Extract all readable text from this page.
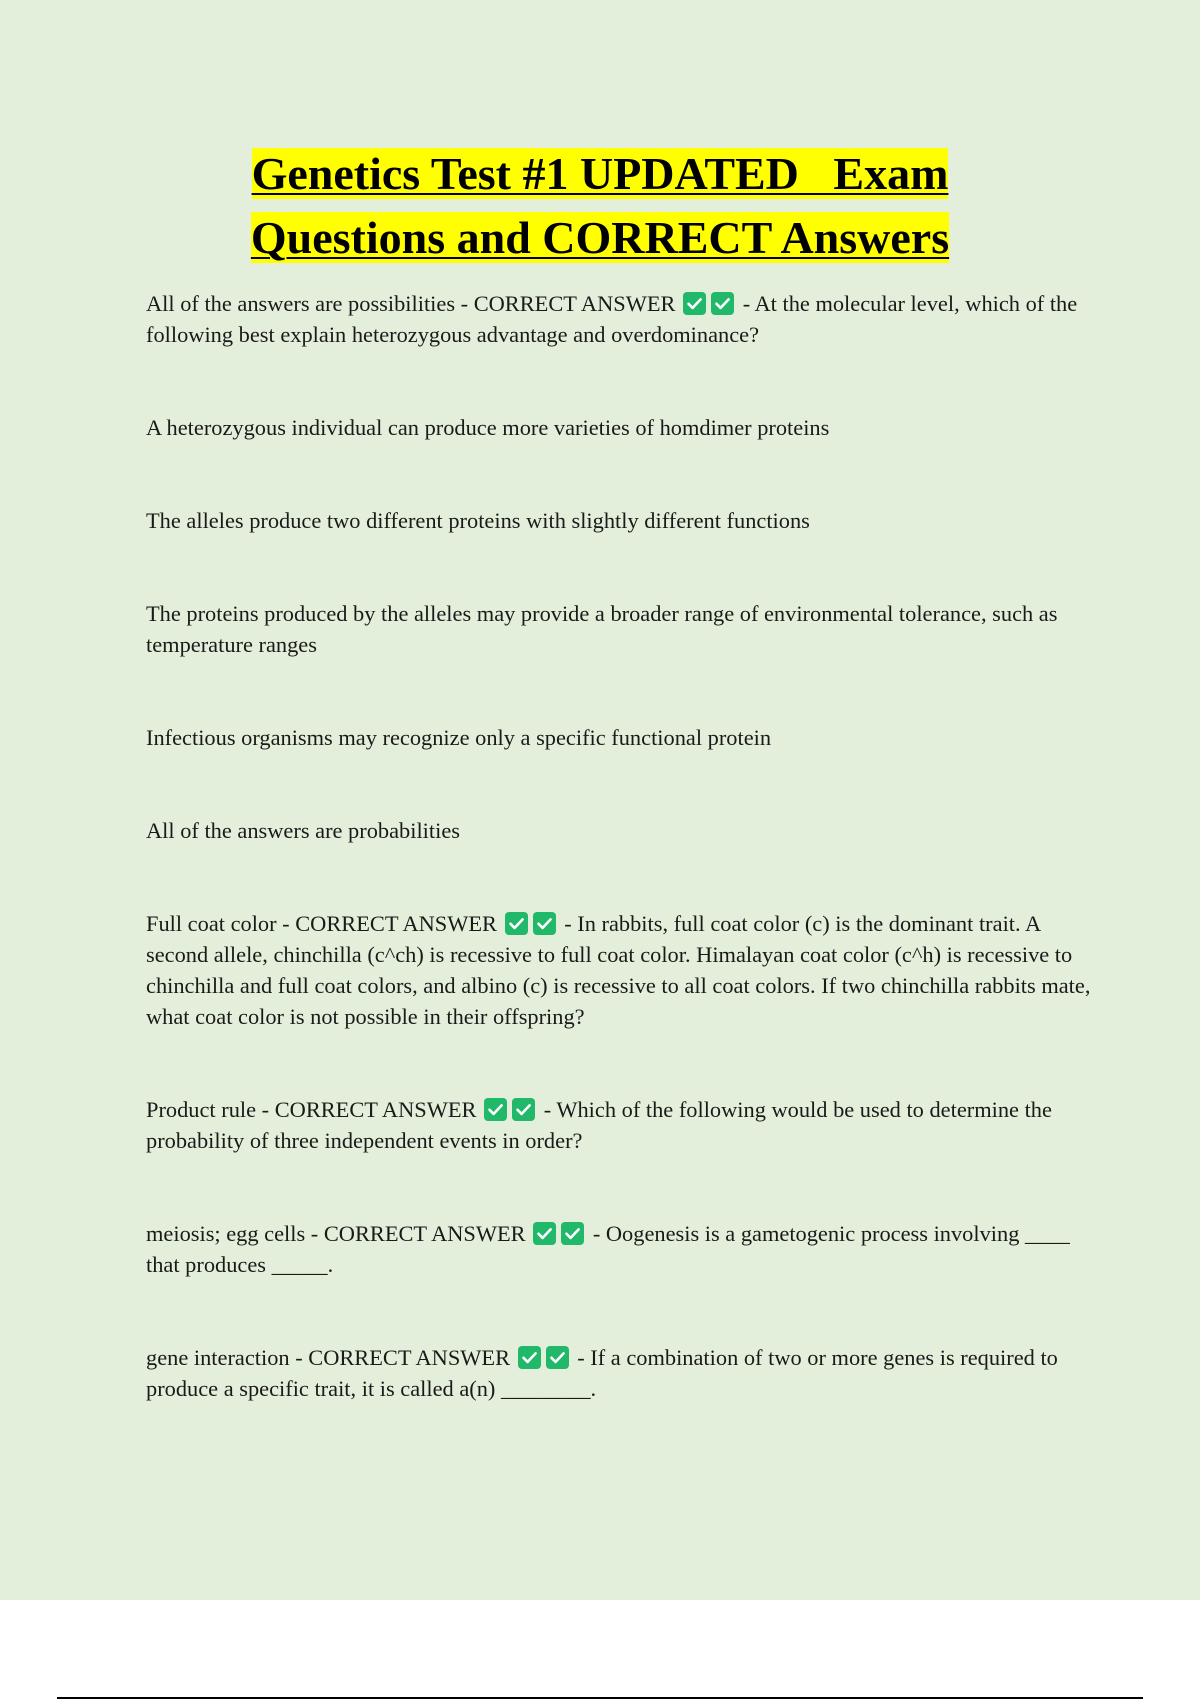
Genetics Test #1 UPDATED   Exam
Questions and CORRECT Answers

All of the answers are possibilities - CORRECT ANSWER	- At the molecular level, which of the following best explain heterozygous advantage and overdominance?

A heterozygous individual can produce more varieties of homdimer proteins

The alleles produce two different proteins with slightly different functions

The proteins produced by the alleles may provide a broader range of environmental tolerance, such as temperature ranges

Infectious organisms may recognize only a specific functional protein

All of the answers are probabilities

Full coat color - CORRECT ANSWER	- In rabbits, full coat color (c) is the dominant trait. A second allele, chinchilla (c^ch) is recessive to full coat color. Himalayan coat color (c^h) is recessive to chinchilla and full coat colors, and albino (c) is recessive to all coat colors. If two chinchilla rabbits mate, what coat color is not possible in their offspring?

Product rule - CORRECT ANSWER	- Which of the following would be used to determine the probability of three independent events in order?

meiosis; egg cells - CORRECT ANSWER	- Oogenesis is a gametogenic process involving ____ that produces _____.

gene interaction - CORRECT ANSWER	- If a combination of two or more genes is required to produce a specific trait, it is called a(n) ________.
